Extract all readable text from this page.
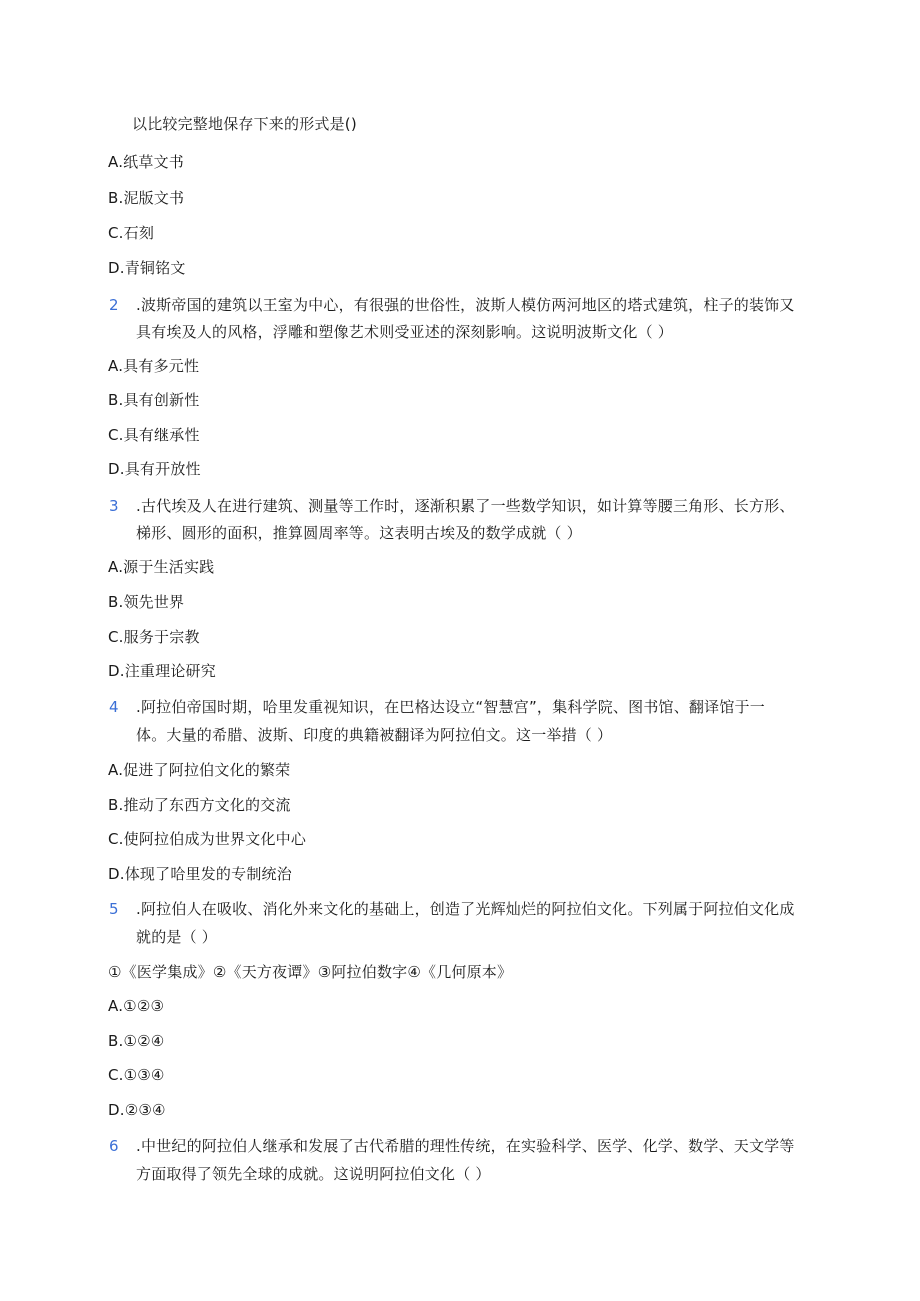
以比较完整地保存下来的形式是()
A.纸草文书
B.泥版文书
C.石刻
D.青铜铭文
2 .波斯帝国的建筑以王室为中心，有很强的世俗性，波斯人模仿两河地区的塔式建筑，柱子的装饰又
具有埃及人的风格，浮雕和塑像艺术则受亚述的深刻影响。这说明波斯文化（ ）
A.具有多元性
B.具有创新性
C.具有继承性
D.具有开放性
3 .古代埃及人在进行建筑、测量等工作时，逐渐积累了一些数学知识，如计算等腰三角形、长方形、
梯形、圆形的面积，推算圆周率等。这表明古埃及的数学成就（ ）
A.源于生活实践
B.领先世界
C.服务于宗教
D.注重理论研究
4 .阿拉伯帝国时期，哈里发重视知识，在巴格达设立“智慧宫”，集科学院、图书馆、翻译馆于一
体。大量的希腊、波斯、印度的典籍被翻译为阿拉伯文。这一举措（ ）
A.促进了阿拉伯文化的繁荣
B.推动了东西方文化的交流
C.使阿拉伯成为世界文化中心
D.体现了哈里发的专制统治
5 .阿拉伯人在吸收、消化外来文化的基础上，创造了光辉灿烂的阿拉伯文化。下列属于阿拉伯文化成
就的是（ ）
①《医学集成》②《天方夜谭》③阿拉伯数字④《几何原本》
A.①②③
B.①②④
C.①③④
D.②③④
6 .中世纪的阿拉伯人继承和发展了古代希腊的理性传统，在实验科学、医学、化学、数学、天文学等
方面取得了领先全球的成就。这说明阿拉伯文化（ ）
